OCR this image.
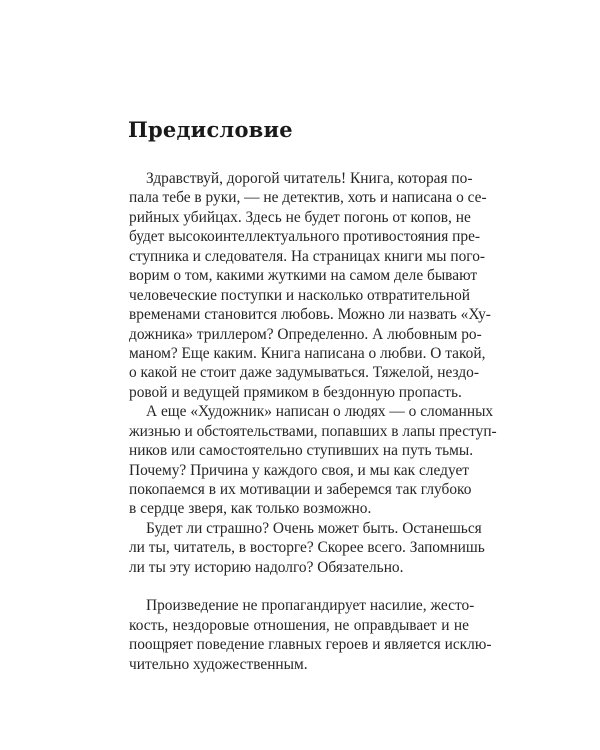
Предисловие
Здравствуй, дорогой читатель! Книга, которая по-
пала тебе в руки, — не детектив, хоть и написана о се-
рийных убийцах. Здесь не будет погонь от копов, не
будет высокоинтеллектуального противостояния пре-
ступника и следователя. На страницах книги мы пого-
ворим о том, какими жуткими на самом деле бывают
человеческие поступки и насколько отвратительной
временами становится любовь. Можно ли назвать «Ху-
дожника» триллером? Определенно. А любовным ро-
маном? Еще каким. Книга написана о любви. О такой,
о какой не стоит даже задумываться. Тяжелой, нездо-
ровой и ведущей прямиком в бездонную пропасть.
А еще «Художник» написан о людях — о сломанных
жизнью и обстоятельствами, попавших в лапы преступ-
ников или самостоятельно ступивших на путь тьмы.
Почему? Причина у каждого своя, и мы как следует
покопаемся в их мотивации и заберемся так глубоко
в сердце зверя, как только возможно.
Будет ли страшно? Очень может быть. Останешься
ли ты, читатель, в восторге? Скорее всего. Запомнишь
ли ты эту историю надолго? Обязательно.
Произведение не пропагандирует насилие, жесто-
кость, нездоровые отношения, не оправдывает и не
поощряет поведение главных героев и является исклю-
чительно художественным.
